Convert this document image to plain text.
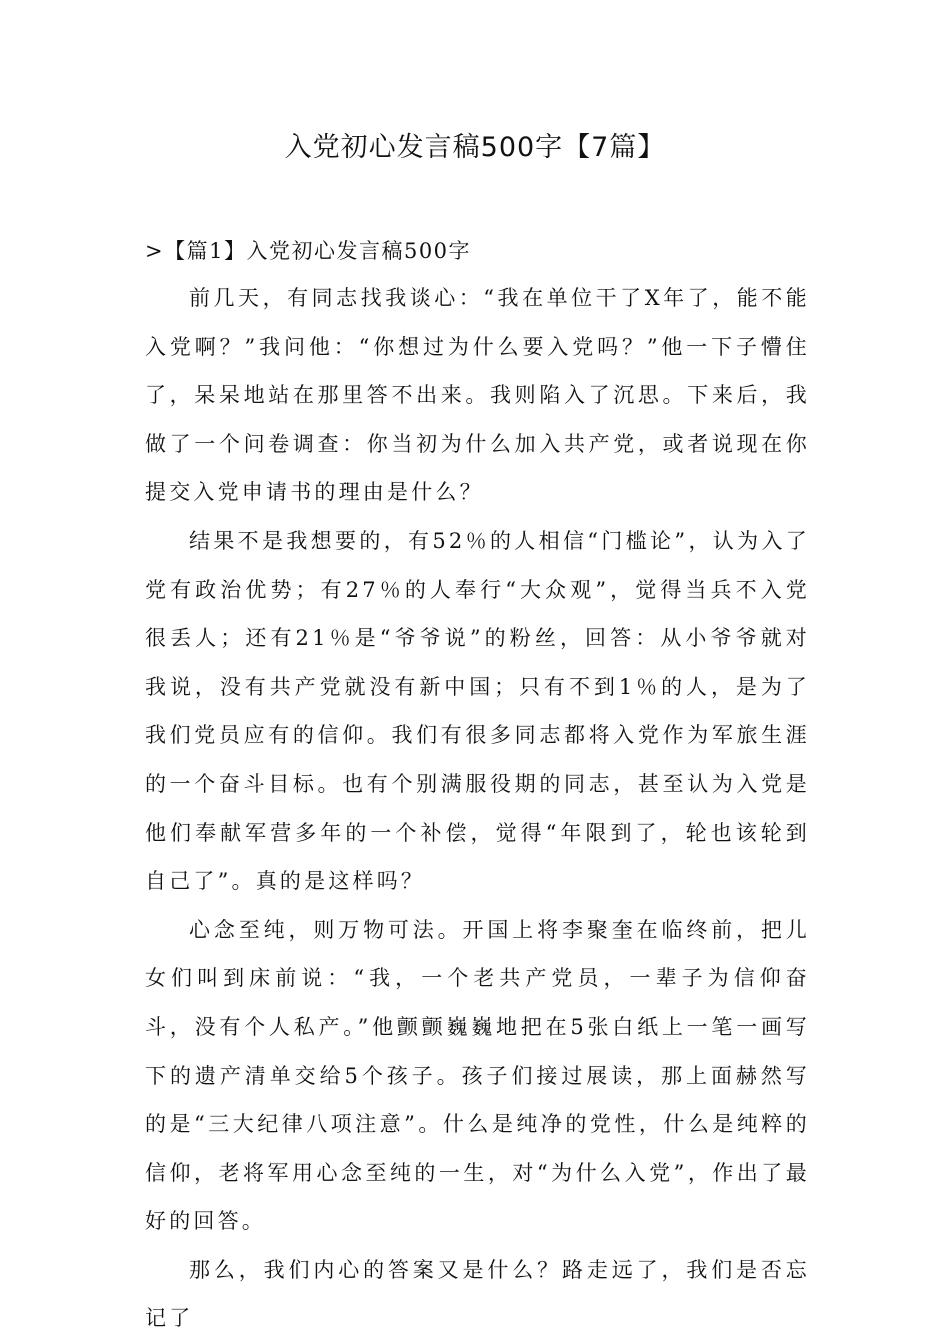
入党初心发言稿500字【7篇】

>【篇1】入党初心发言稿500字

前几天，有同志找我谈心：“我在单位干了X年了，能不能入党啊？”我问他：“你想过为什么要入党吗？”他一下子懵住了，呆呆地站在那里答不出来。我则陷入了沉思。下来后，我做了一个问卷调查：你当初为什么加入共产党，或者说现在你提交入党申请书的理由是什么？

结果不是我想要的，有52％的人相信“门槛论”，认为入了党有政治优势；有27％的人奉行“大众观”，觉得当兵不入党很丢人；还有21％是“爷爷说”的粉丝，回答：从小爷爷就对我说，没有共产党就没有新中国；只有不到1％的人，是为了我们党员应有的信仰。我们有很多同志都将入党作为军旅生涯的一个奋斗目标。也有个别满服役期的同志，甚至认为入党是他们奉献军营多年的一个补偿，觉得“年限到了，轮也该轮到自己了”。真的是这样吗？

心念至纯，则万物可法。开国上将李聚奎在临终前，把儿女们叫到床前说：“我，一个老共产党员，一辈子为信仰奋斗，没有个人私产。”他颤颤巍巍地把在5张白纸上一笔一画写下的遗产清单交给5个孩子。孩子们接过展读，那上面赫然写的是“三大纪律八项注意”。什么是纯净的党性，什么是纯粹的信仰，老将军用心念至纯的一生，对“为什么入党”，作出了最好的回答。

那么，我们内心的答案又是什么？路走远了，我们是否忘记了
